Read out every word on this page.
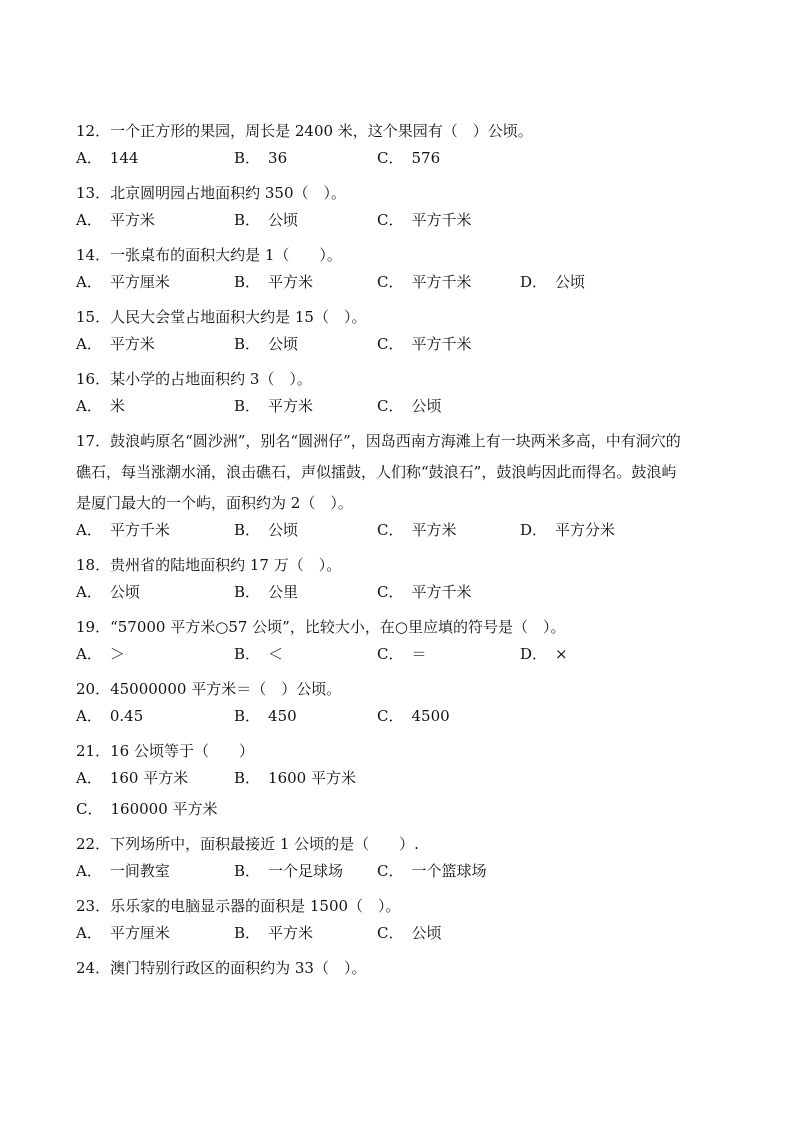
12．一个正方形的果园，周长是 2400 米，这个果园有（　）公顷。
A． 144	B． 36	C． 576
13．北京圆明园占地面积约 350（　）。
A． 平方米	B． 公顷	C． 平方千米
14．一张桌布的面积大约是 1（　　）。
A． 平方厘米	B． 平方米	C． 平方千米	D． 公顷
15．人民大会堂占地面积大约是 15（　）。
A． 平方米	B． 公顷	C． 平方千米
16．某小学的占地面积约 3（　）。
A． 米	B． 平方米	C． 公顷
17．鼓浪屿原名“圆沙洲”，别名“圆洲仔”，因岛西南方海滩上有一块两米多高，中有洞穴的
礁石，每当涨潮水涌，浪击礁石，声似擂鼓，人们称“鼓浪石”，鼓浪屿因此而得名。鼓浪屿
是厦门最大的一个屿，面积约为 2（　）。
A． 平方千米	B． 公顷	C． 平方米	D． 平方分米
18．贵州省的陆地面积约 17 万（　）。
A． 公顷	B． 公里	C． 平方千米
19．“57000 平方米○57 公顷”，比较大小，在○里应填的符号是（　）。
A． ＞	B． ＜	C． ＝	D． ×
20．45000000 平方米＝（　）公顷。
A． 0.45	B． 450	C． 4500
21．16 公顷等于（　　）
A． 160 平方米	B． 1600 平方米
C． 160000 平方米
22．下列场所中，面积最接近 1 公顷的是（　　）.
A． 一间教室	B． 一个足球场 C． 一个篮球场
23．乐乐家的电脑显示器的面积是 1500（　）。
A． 平方厘米	B． 平方米	C． 公顷
24．澳门特别行政区的面积约为 33（　）。
